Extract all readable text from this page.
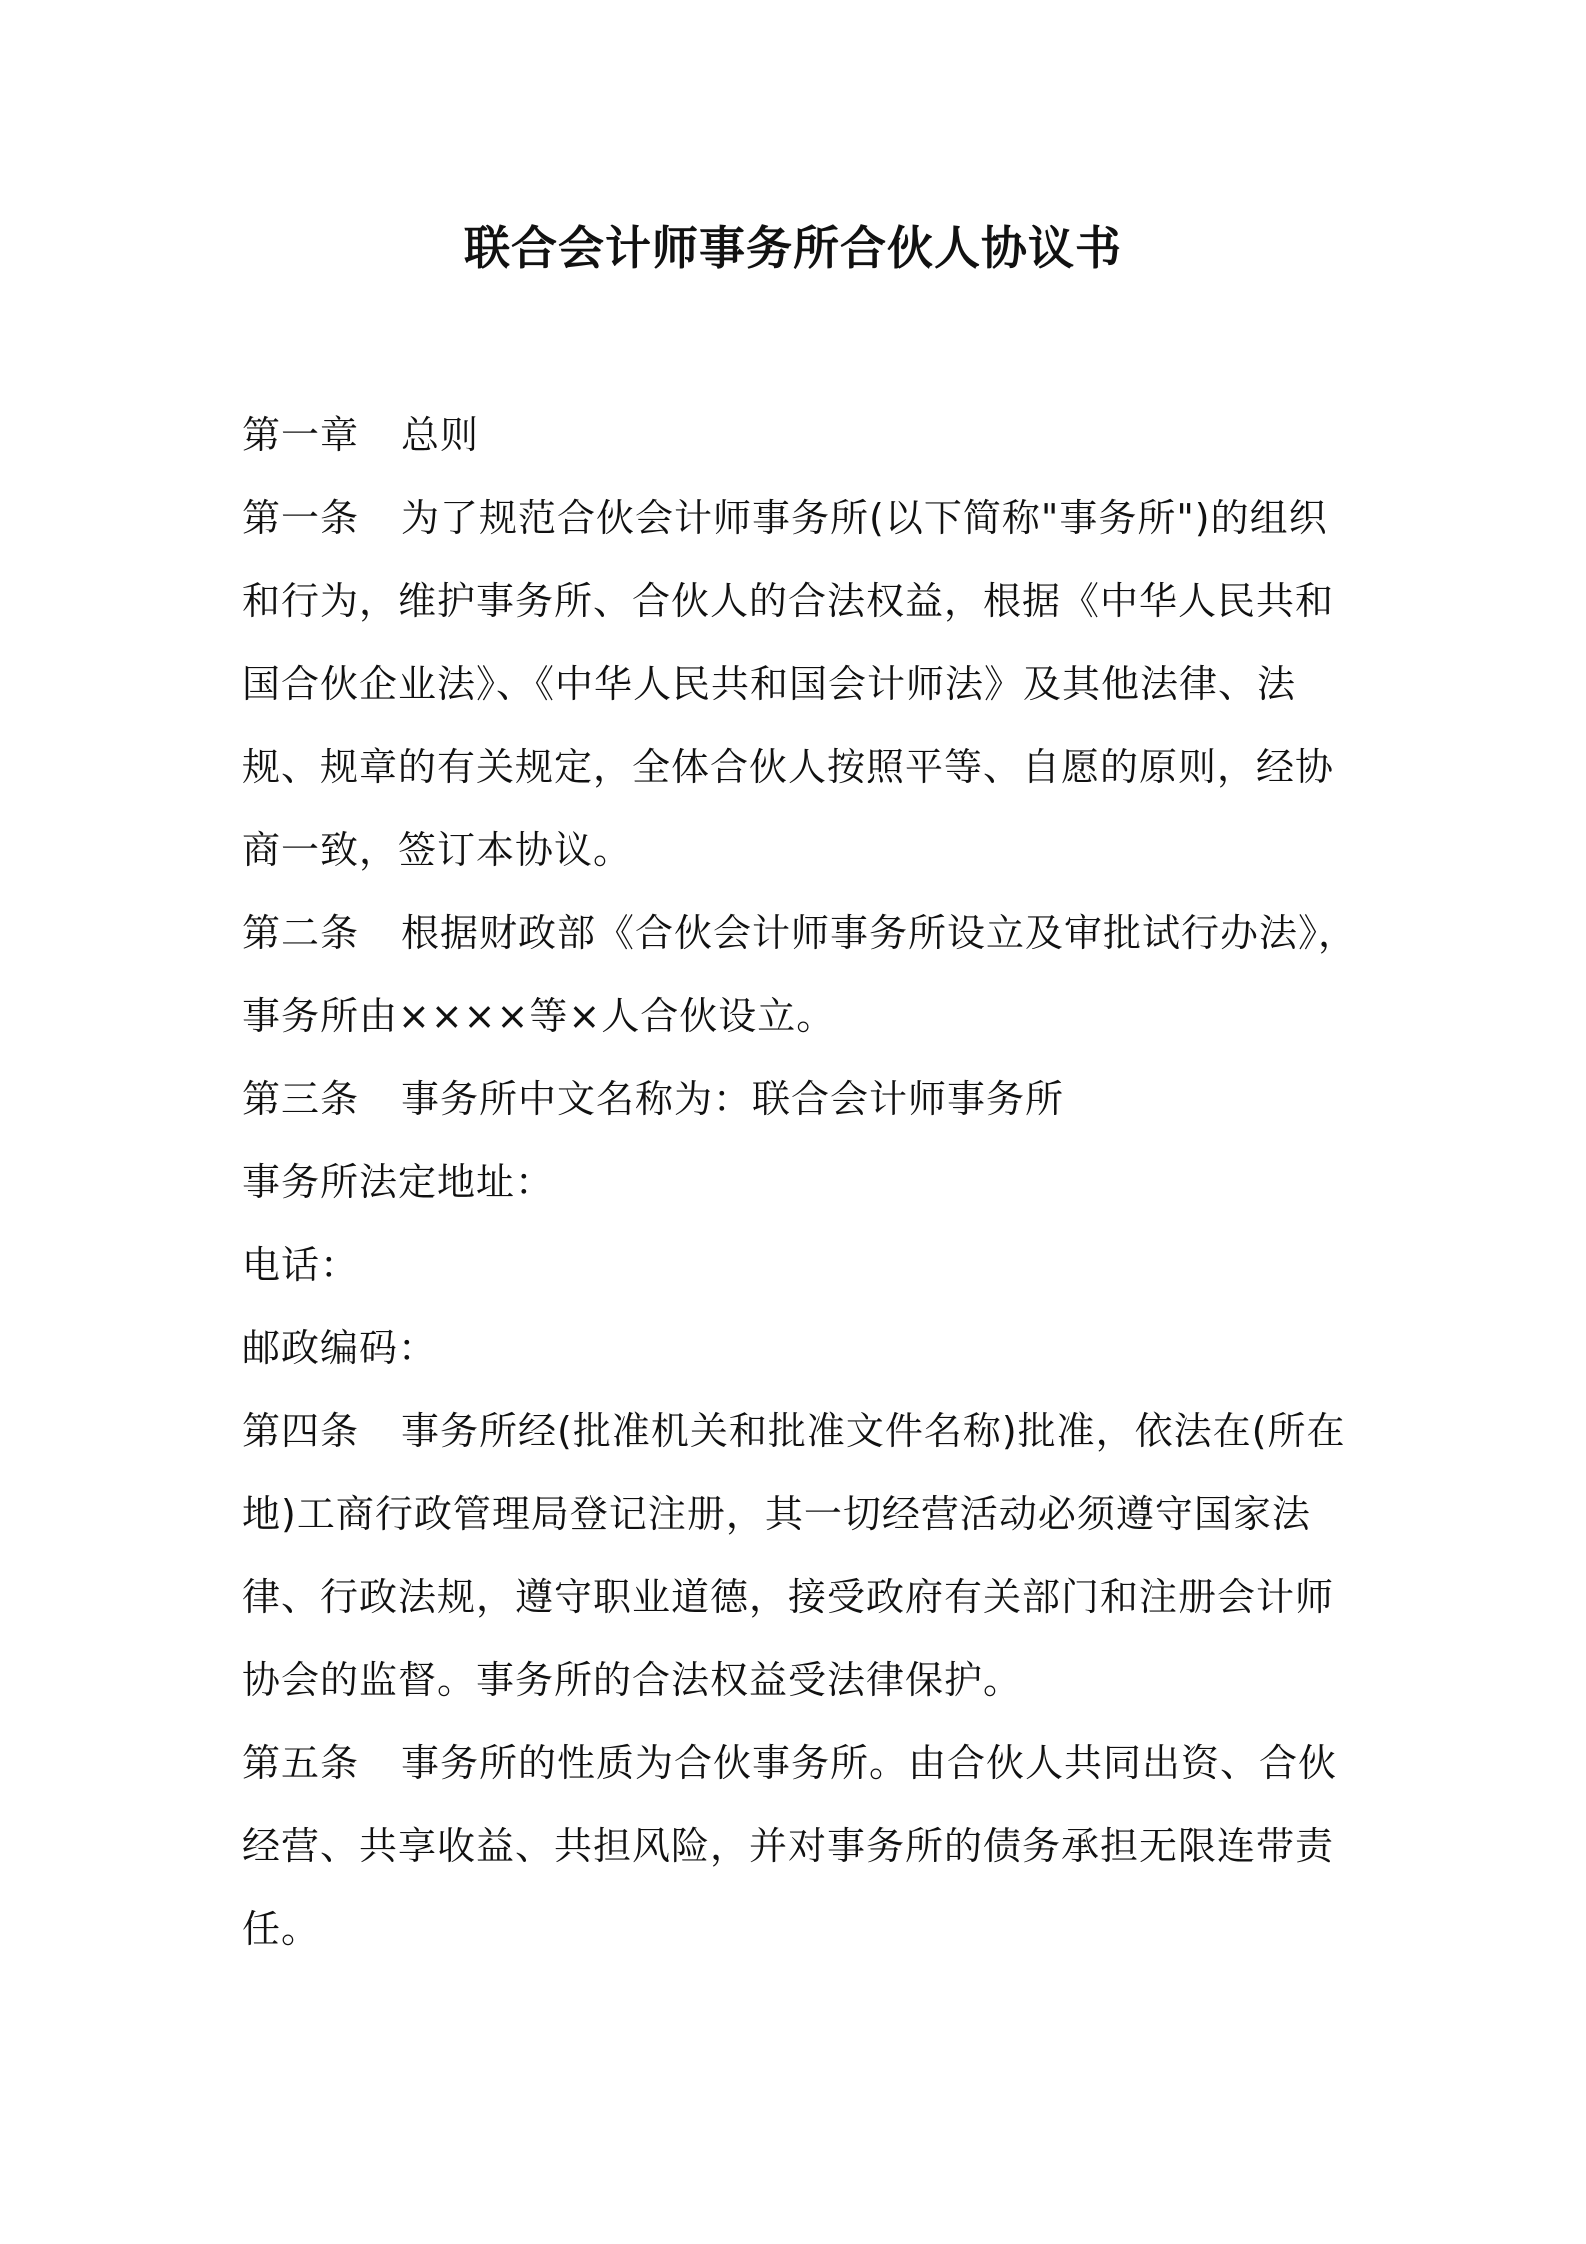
联合会计师事务所合伙人协议书

第一章 总则

第一条 为了规范合伙会计师事务所(以下简称"事务所")的组织和行为，维护事务所、合伙人的合法权益，根据《中华人民共和国合伙企业法》、《中华人民共和国会计师法》及其他法律、法规、规章的有关规定，全体合伙人按照平等、自愿的原则，经协商一致，签订本协议。

第二条 根据财政部《合伙会计师事务所设立及审批试行办法》，事务所由××××等×人合伙设立。

第三条 事务所中文名称为：联合会计师事务所

事务所法定地址：

电话：

邮政编码：

第四条 事务所经(批准机关和批准文件名称)批准，依法在(所在地)工商行政管理局登记注册，其一切经营活动必须遵守国家法律、行政法规，遵守职业道德，接受政府有关部门和注册会计师协会的监督。事务所的合法权益受法律保护。

第五条 事务所的性质为合伙事务所。由合伙人共同出资、合伙经营、共享收益、共担风险，并对事务所的债务承担无限连带责任。
